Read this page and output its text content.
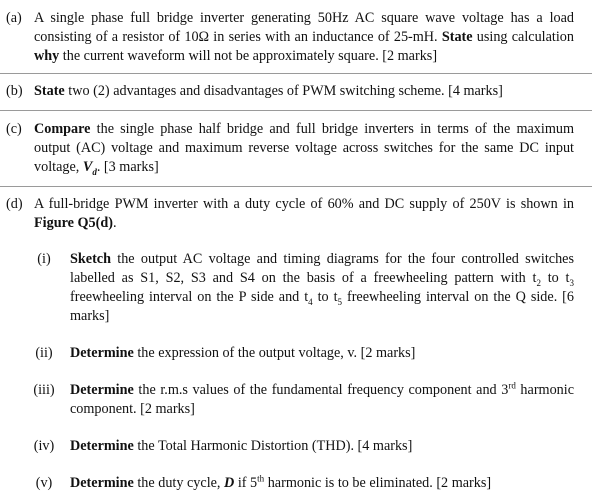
(a) A single phase full bridge inverter generating 50Hz AC square wave voltage has a load consisting of a resistor of 10Ω in series with an inductance of 25-mH. State using calculation why the current waveform will not be approximately square. [2 marks]
(b) State two (2) advantages and disadvantages of PWM switching scheme. [4 marks]
(c) Compare the single phase half bridge and full bridge inverters in terms of the maximum output (AC) voltage and maximum reverse voltage across switches for the same DC input voltage, $V_d$. [3 marks]
(d) A full-bridge PWM inverter with a duty cycle of 60% and DC supply of 250V is shown in Figure Q5(d).
(i)	Sketch the output AC voltage and timing diagrams for the four controlled switches labelled as S1, S2, S3 and S4 on the basis of a freewheeling pattern with $t_2$ to $t_3$ freewheeling interval on the P side and $t_4$ to $t_5$ freewheeling interval on the Q side. [6 marks]
(ii)	Determine the expression of the output voltage, v. [2 marks]
(iii)	Determine the r.m.s values of the fundamental frequency component and 3rd harmonic component. [2 marks]
(iv)	Determine the Total Harmonic Distortion (THD). [4 marks]
(v)	Determine the duty cycle, D if 5th harmonic is to be eliminated. [2 marks]
